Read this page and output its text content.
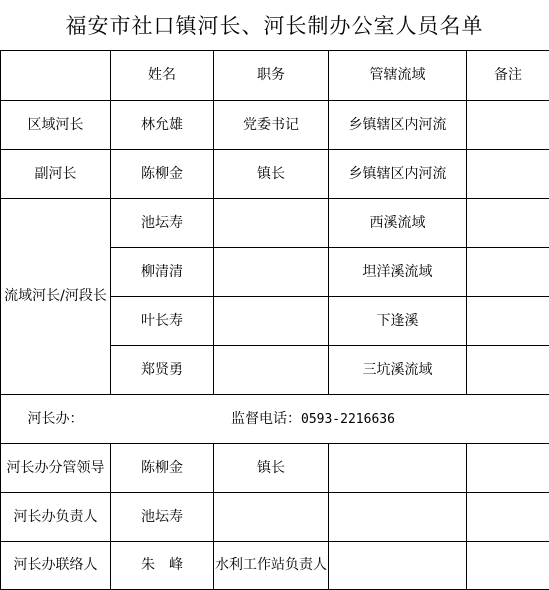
福安市社口镇河长、河长制办公室人员名单
	姓名	职务	管辖流域	备注
区域河长	林允雄	党委书记	乡镇辖区内河流	
副河长	陈柳金	镇长	乡镇辖区内河流	
流域河长/河段长	池坛寿		西溪流域	
	柳清清		坦洋溪流域	
	叶长寿		下逢溪	
	郑贤勇		三坑溪流域	
河长办：	监督电话：0593-2216636			
河长办分管领导	陈柳金	镇长		
河长办负责人	池坛寿			
河长办联络人	朱　峰	水利工作站负责人		
